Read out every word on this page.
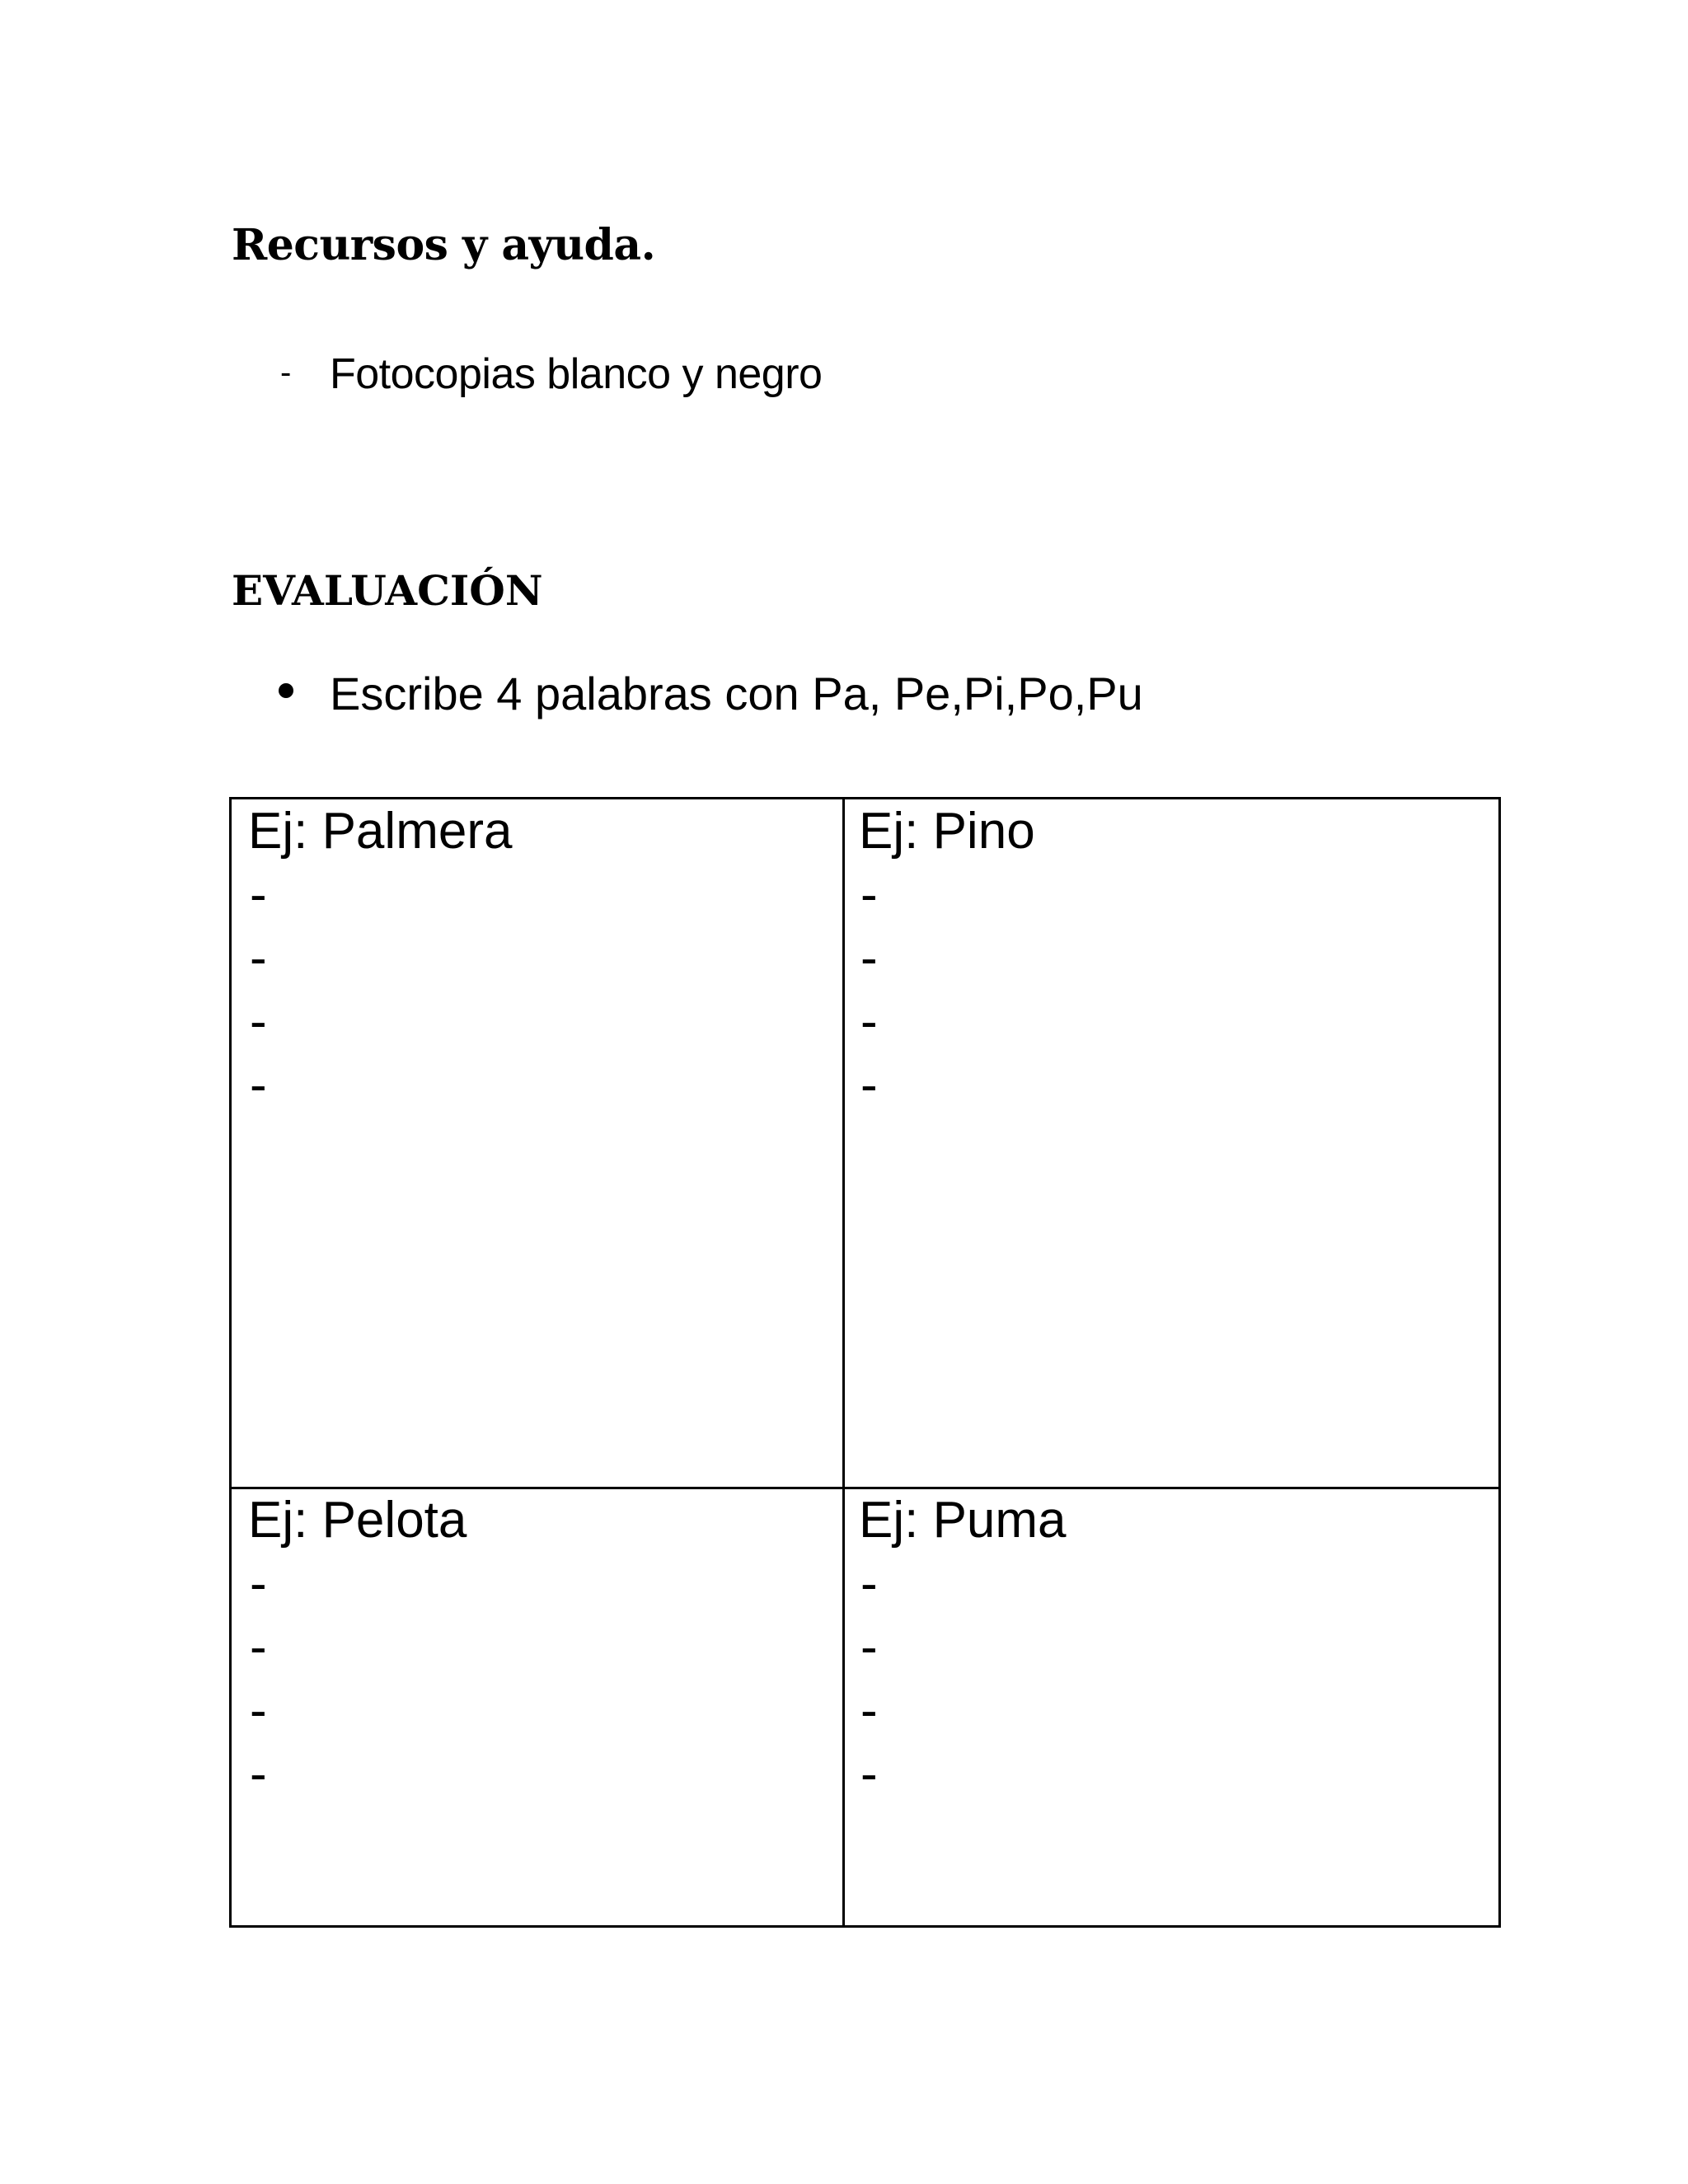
Recursos y ayuda.
- Fotocopias blanco y negro
EVALUACIÓN
Escribe 4 palabras con Pa, Pe,Pi,Po,Pu
Ej: Palmera
-
-
-
-
Ej: Pino
-
-
-
-
Ej: Pelota
-
-
-
-
Ej: Puma
-
-
-
-
